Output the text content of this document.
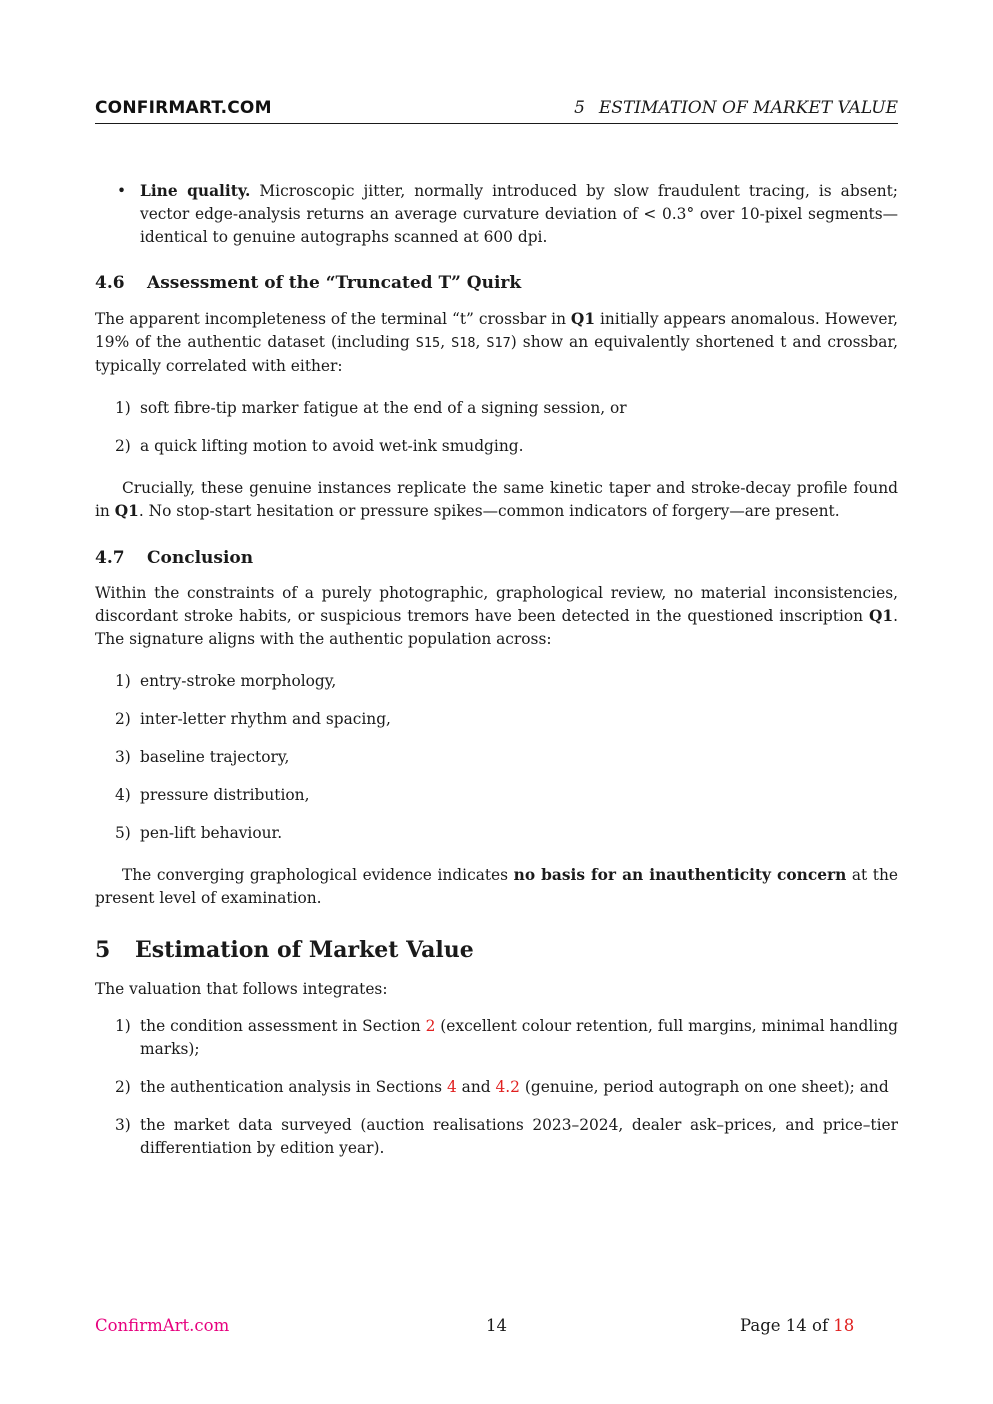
CONFIRMART.COM	5 ESTIMATION OF MARKET VALUE
• Line quality. Microscopic jitter, normally introduced by slow fraudulent tracing, is absent; vector edge-analysis returns an average curvature deviation of < 0.3° over 10-pixel segments—identical to genuine autographs scanned at 600 dpi.
4.6 Assessment of the “Truncated T” Quirk

The apparent incompleteness of the terminal “t” crossbar in Q1 initially appears anomalous. However, 19% of the authentic dataset (including S15, S18, S17) show an equivalently shortened t and crossbar, typically correlated with either:

1) soft fibre-tip marker fatigue at the end of a signing session, or
2) a quick lifting motion to avoid wet-ink smudging.

Crucially, these genuine instances replicate the same kinetic taper and stroke-decay profile found in Q1. No stop-start hesitation or pressure spikes—common indicators of forgery—are present.

4.7 Conclusion

Within the constraints of a purely photographic, graphological review, no material inconsistencies, discordant stroke habits, or suspicious tremors have been detected in the questioned inscription Q1. The signature aligns with the authentic population across:

1) entry-stroke morphology,
2) inter-letter rhythm and spacing,
3) baseline trajectory,
4) pressure distribution,
5) pen-lift behaviour.

The converging graphological evidence indicates no basis for an inauthenticity concern at the present level of examination.

5 Estimation of Market Value

The valuation that follows integrates:

1) the condition assessment in Section 2 (excellent colour retention, full margins, minimal handling marks);
2) the authentication analysis in Sections 4 and 4.2 (genuine, period autograph on one sheet); and
3) the market data surveyed (auction realisations 2023–2024, dealer ask–prices, and price–tier differentiation by edition year).
ConfirmArt.com	14	Page 14 of 18
